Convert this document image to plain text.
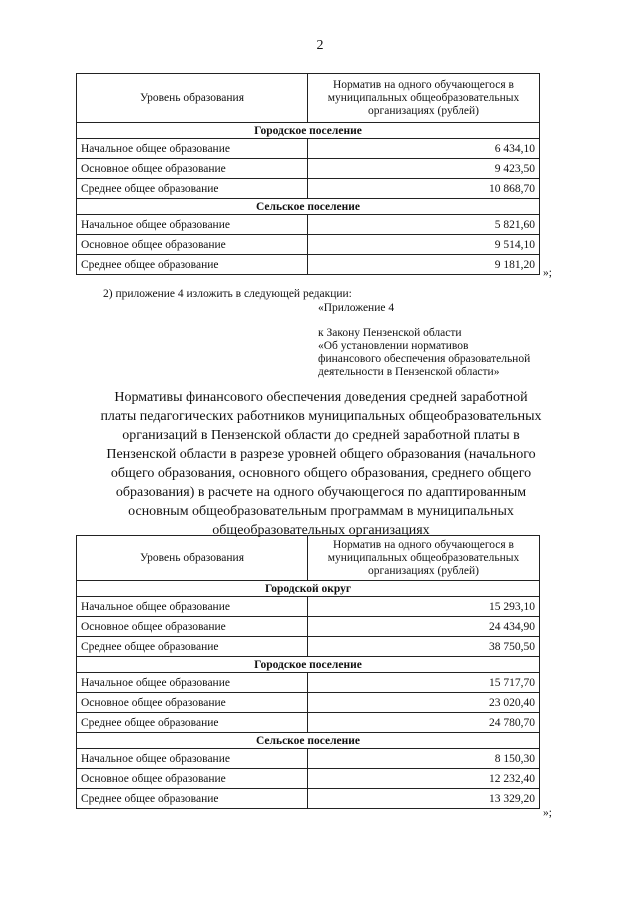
2
Уровень образования	Норматив на одного обучающегося в
муниципальных общеобразовательных
организациях (рублей)

Городское поселение	
Начальное общее образование	6 434,10
Основное общее образование	9 423,50
Среднее общее образование	10 868,70
Сельское поселение	
Начальное общее образование	5 821,60
Основное общее образование	9 514,10
Среднее общее образование	9 181,20
»;
2) приложение 4 изложить в следующей редакции:
«Приложение 4
к Закону Пензенской области
«Об установлении нормативов
финансового обеспечения образовательной
деятельности в Пензенской области»
Нормативы финансового обеспечения доведения средней заработной
платы педагогических работников муниципальных общеобразовательных
организаций в Пензенской области до средней заработной платы в
Пензенской области в разрезе уровней общего образования (начального
общего образования, основного общего образования, среднего общего
образования) в расчете на одного обучающегося по адаптированным
основным общеобразовательным программам в муниципальных
общеобразовательных организациях
Уровень образования	Норматив на одного обучающегося в
муниципальных общеобразовательных
организациях (рублей)

Городской округ	
Начальное общее образование	15 293,10
Основное общее образование	24 434,90
Среднее общее образование	38 750,50
Городское поселение	
Начальное общее образование	15 717,70
Основное общее образование	23 020,40
Среднее общее образование	24 780,70
Сельское поселение	
Начальное общее образование	8 150,30
Основное общее образование	12 232,40
Среднее общее образование	13 329,20
»;
